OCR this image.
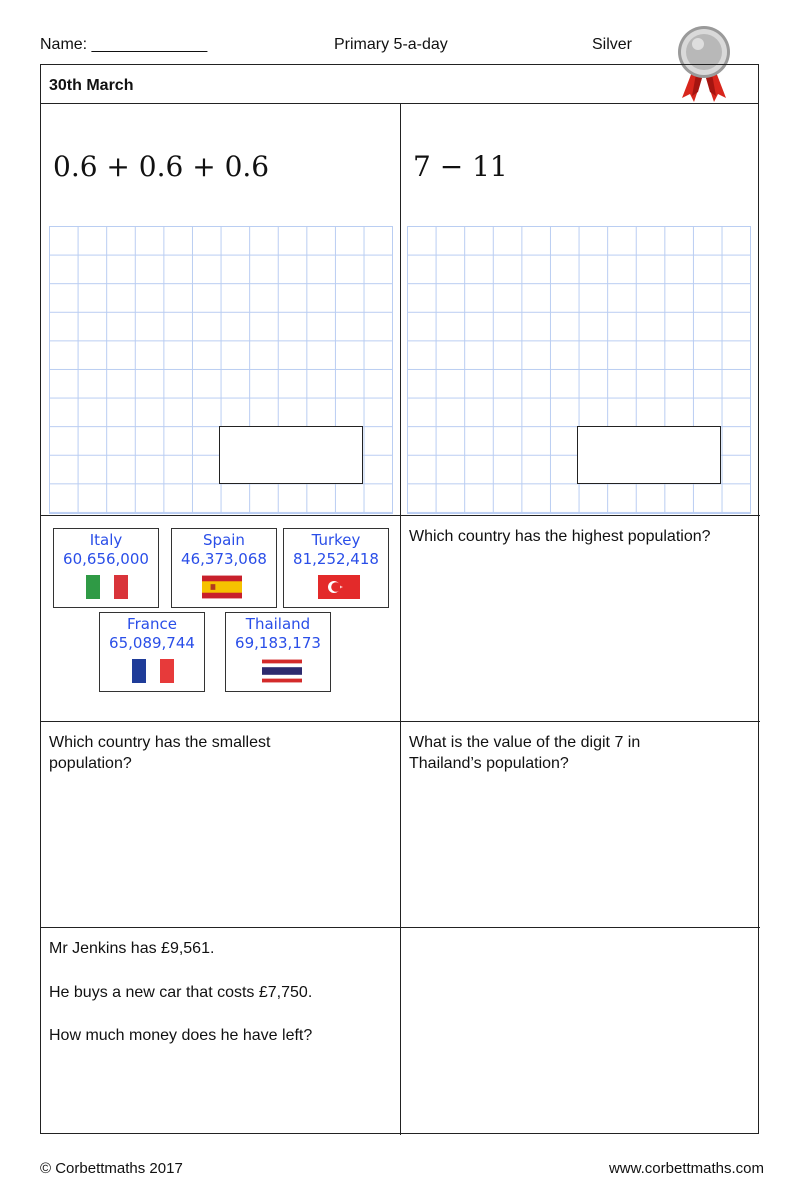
Name: _____________	Primary 5-a-day	Silver
30th March
0.6 + 0.6 + 0.6	7 − 11
Italy
60,656,000
Spain
46,373,068
Turkey
81,252,418
France
65,089,744
Thailand
69,183,173
Which country has the highest population?
Which country has the smallest population?
What is the value of the digit 7 in Thailand’s population?
Mr Jenkins has £9,561.
He buys a new car that costs £7,750.
How much money does he have left?
© Corbettmaths 2017	www.corbettmaths.com
